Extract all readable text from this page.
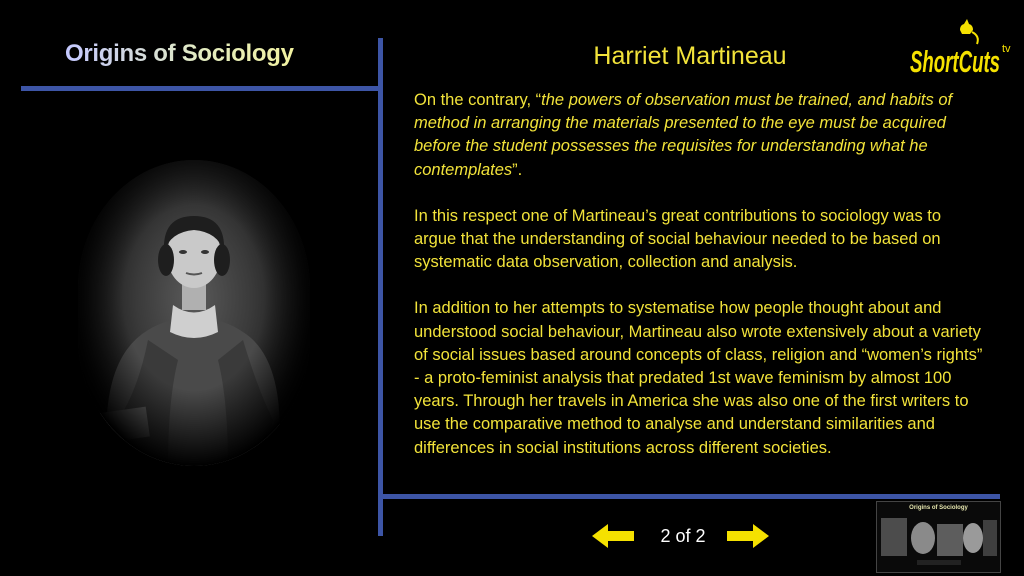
Origins of Sociology	Harriet Martineau	ShortCuts tv

On the contrary, “the powers of observation must be trained, and habits of method in arranging the materials presented to the eye must be acquired before the student possesses the requisites for understanding what he contemplates”.

In this respect one of Martineau’s great contributions to sociology was to argue that the understanding of social behaviour needed to be based on systematic data observation, collection and analysis.

In addition to her attempts to systematise how people thought about and understood social behaviour, Martineau also wrote extensively about a variety of social issues based around concepts of class, religion and “women’s rights” - a proto-feminist analysis that predated 1st wave feminism by almost 100 years. Through her travels in America she was also one of the first writers to use the comparative method to analyse and understand similarities and differences in social institutions across different societies.

2 of 2
Origins of Sociology
